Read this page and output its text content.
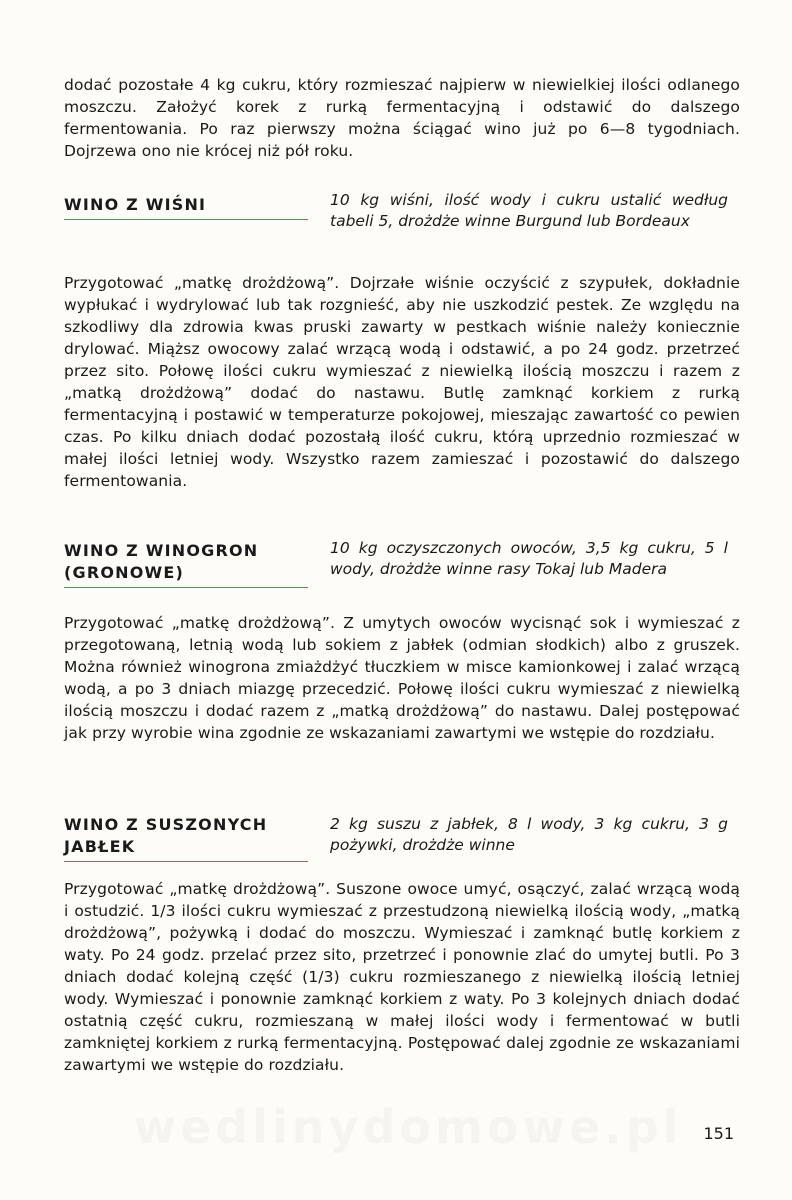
dodać pozostałe 4 kg cukru, który rozmieszać najpierw w niewielkiej ilości odlanego moszczu. Założyć korek z rurką fermentacyjną i odstawić do dalszego fermentowania. Po raz pierwszy można ściągać wino już po 6—8 tygodniach. Dojrzewa ono nie krócej niż pół roku.
WINO Z WIŚNI	10 kg wiśni, ilość wody i cukru ustalić według tabeli 5, drożdże winne Burgund lub Bordeaux
Przygotować „matkę drożdżową”. Dojrzałe wiśnie oczyścić z szypułek, dokładnie wypłukać i wydrylować lub tak rozgnieść, aby nie uszkodzić pestek. Ze względu na szkodliwy dla zdrowia kwas pruski zawarty w pestkach wiśnie należy koniecznie drylować. Miąższ owocowy zalać wrzącą wodą i odstawić, a po 24 godz. przetrzeć przez sito. Połowę ilości cukru wymieszać z niewielką ilością moszczu i razem z „matką drożdżową” dodać do nastawu. Butlę zamknąć korkiem z rurką fermentacyjną i postawić w temperaturze pokojowej, mieszając zawartość co pewien czas. Po kilku dniach dodać pozostałą ilość cukru, którą uprzednio rozmieszać w małej ilości letniej wody. Wszystko razem zamieszać i pozostawić do dalszego fermentowania.
WINO Z WINOGRON (GRONOWE)
10 kg oczyszczonych owoców, 3,5 kg cukru, 5 l wody, drożdże winne rasy Tokaj lub Madera
Przygotować „matkę drożdżową”. Z umytych owoców wycisnąć sok i wymieszać z przegotowaną, letnią wodą lub sokiem z jabłek (odmian słodkich) albo z gruszek. Można również winogrona zmiażdżyć tłuczkiem w misce kamionkowej i zalać wrzącą wodą, a po 3 dniach miazgę przecedzić. Połowę ilości cukru wymieszać z niewielką ilością moszczu i dodać razem z „matką drożdżową” do nastawu. Dalej postępować jak przy wyrobie wina zgodnie ze wskazaniami zawartymi we wstępie do rozdziału.
WINO Z SUSZONYCH JABŁEK
2 kg suszu z jabłek, 8 l wody, 3 kg cukru, 3 g pożywki, drożdże winne
Przygotować „matkę drożdżową”. Suszone owoce umyć, osączyć, zalać wrzącą wodą i ostudzić. 1/3 ilości cukru wymieszać z przestudzoną niewielką ilością wody, „matką drożdżową”, pożywką i dodać do moszczu. Wymieszać i zamknąć butlę korkiem z waty. Po 24 godz. przelać przez sito, przetrzeć i ponownie zlać do umytej butli. Po 3 dniach dodać kolejną część (1/3) cukru rozmieszanego z niewielką ilością letniej wody. Wymieszać i ponownie zamknąć korkiem z waty. Po 3 kolejnych dniach dodać ostatnią część cukru, rozmieszaną w małej ilości wody i fermentować w butli zamkniętej korkiem z rurką fermentacyjną. Postępować dalej zgodnie ze wskazaniami zawartymi we wstępie do rozdziału.
151
